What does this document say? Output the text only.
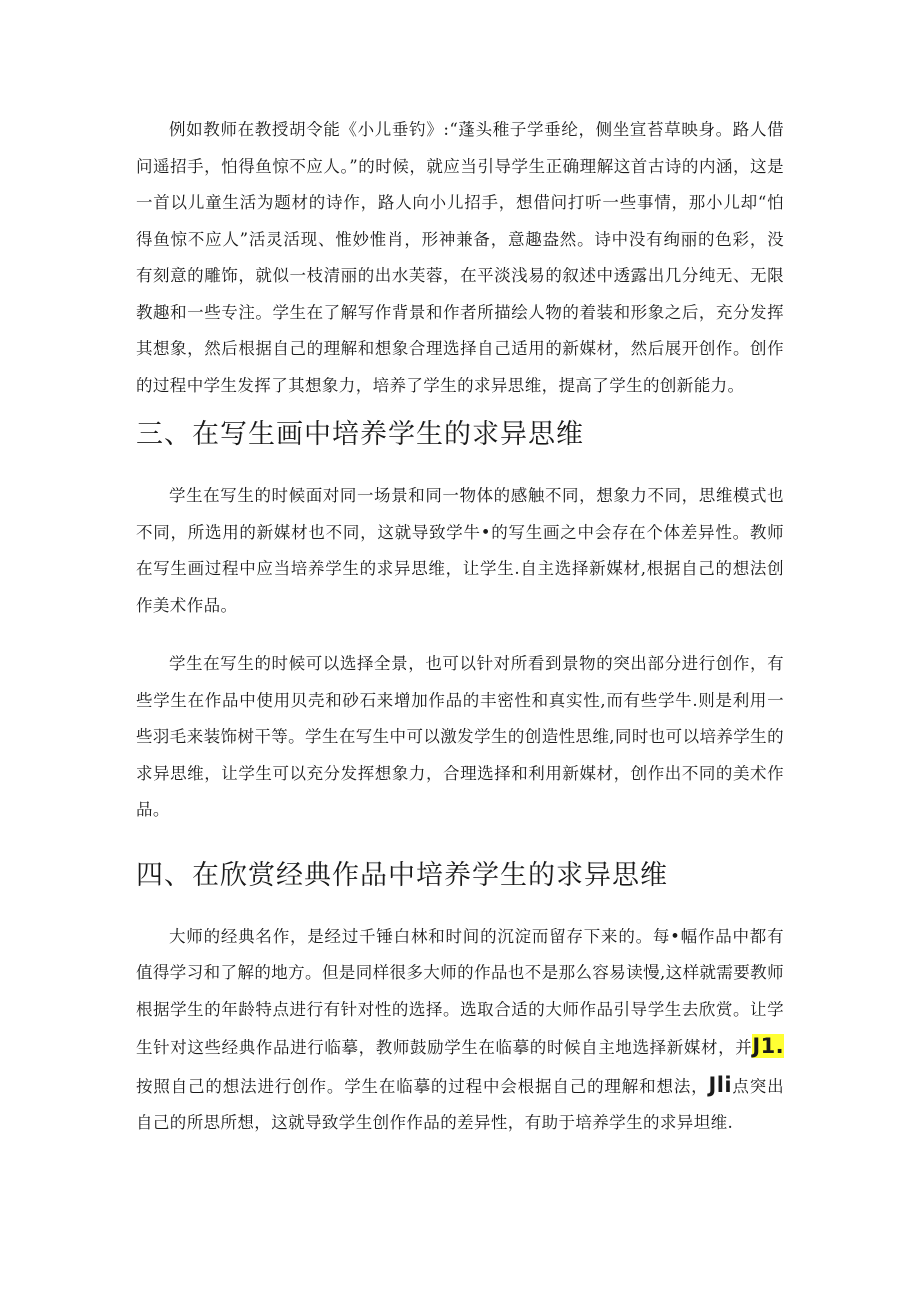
例如教师在教授胡令能《小儿垂钓》:“蓬头稚子学垂纶，侧坐宣苔草映身。路人借问遥招手，怕得鱼惊不应人。”的时候，就应当引导学生正确理解这首古诗的内涵，这是一首以儿童生活为题材的诗作，路人向小儿招手，想借问打听一些事情，那小儿却“怕得鱼惊不应人”活灵活现、惟妙惟肖，形神兼备，意趣盎然。诗中没有绚丽的色彩，没有刻意的雕饰，就似一枝清丽的出水芙蓉，在平淡浅易的叙述中透露出几分纯无、无限教趣和一些专注。学生在了解写作背景和作者所描绘人物的着装和形象之后，充分发挥其想象，然后根据自己的理解和想象合理选择自己适用的新媒材，然后展开创作。创作的过程中学生发挥了其想象力，培养了学生的求异思维，提高了学生的创新能力。

三、在写生画中培养学生的求异思维

学生在写生的时候面对同一场景和同一物体的感触不同，想象力不同，思维模式也不同，所选用的新媒材也不同，这就导致学牛•的写生画之中会存在个体差异性。教师在写生画过程中应当培养学生的求异思维，让学生.自主选择新媒材,根据自己的想法创作美术作品。

学生在写生的时候可以选择全景，也可以针对所看到景物的突出部分进行创作，有些学生在作品中使用贝壳和砂石来增加作品的丰密性和真实性,而有些学牛.则是利用一些羽毛来装饰树干等。学生在写生中可以激发学生的创造性思维,同时也可以培养学生的求异思维，让学生可以充分发挥想象力，合理选择和利用新媒材，创作出不同的美术作品。

四、在欣赏经典作品中培养学生的求异思维

大师的经典名作，是经过千锤白林和时间的沉淀而留存下来的。每•幅作品中都有值得学习和了解的地方。但是同样很多大师的作品也不是那么容易读慢,这样就需要教师根据学生的年龄特点进行有针对性的选择。选取合适的大师作品引导学生去欣赏。让学生针对这些经典作品进行临摹，教师鼓励学生在临摹的时候自主地选择新媒材，并J1.按照自己的想法进行创作。学生在临摹的过程中会根据自己的理解和想法，Jli点突出自己的所思所想，这就导致学生创作作品的差异性，有助于培养学生的求异坦维.
